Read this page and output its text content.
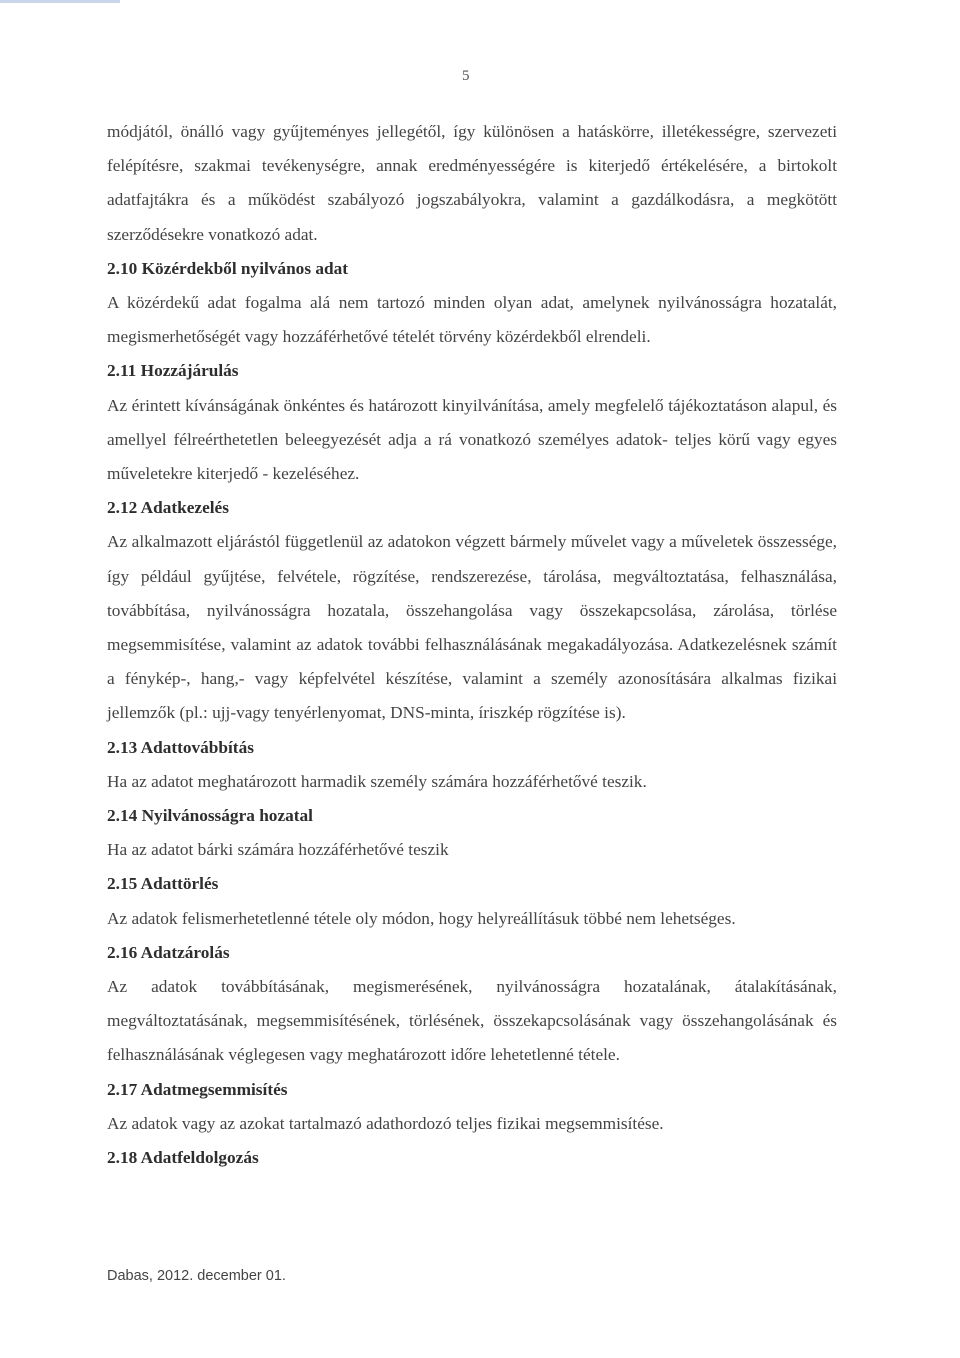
5

módjától, önálló vagy gyűjteményes jellegétől, így különösen a hatáskörre, illetékességre, szervezeti felépítésre, szakmai tevékenységre, annak eredményességére is kiterjedő értékelésére, a birtokolt adatfajtákra és a működést szabályozó jogszabályokra, valamint a gazdálkodásra, a megkötött szerződésekre vonatkozó adat.

2.10 Közérdekből nyilvános adat

A közérdekű adat fogalma alá nem tartozó minden olyan adat, amelynek nyilvánosságra hozatalát, megismerhetőségét vagy hozzáférhetővé tételét törvény közérdekből elrendeli.

2.11 Hozzájárulás

Az érintett kívánságának önkéntes és határozott kinyilvánítása, amely megfelelő tájékoztatáson alapul, és amellyel félreérthetetlen beleegyezését adja a rá vonatkozó személyes adatok- teljes körű vagy egyes műveletekre kiterjedő - kezeléséhez.

2.12 Adatkezelés

Az alkalmazott eljárástól függetlenül az adatokon végzett bármely művelet vagy a műveletek összessége, így például gyűjtése, felvétele, rögzítése, rendszerezése, tárolása, megváltoztatása, felhasználása, továbbítása, nyilvánosságra hozatala, összehangolása vagy összekapcsolása, zárolása, törlése megsemmisítése, valamint az adatok további felhasználásának megakadályozása. Adatkezelésnek számít a fénykép-, hang,- vagy képfelvétel készítése, valamint a személy azonosítására alkalmas fizikai jellemzők (pl.: ujj-vagy tenyérlenyomat, DNS-minta, íriszkép rögzítése is).

2.13 Adattovábbítás

Ha az adatot meghatározott harmadik személy számára hozzáférhetővé teszik.

2.14 Nyilvánosságra hozatal

Ha az adatot bárki számára hozzáférhetővé teszik

2.15 Adattörlés

Az adatok felismerhetetlenné tétele oly módon, hogy helyreállításuk többé nem lehetséges.

2.16 Adatzárolás

Az adatok továbbításának, megismerésének, nyilvánosságra hozatalának, átalakításának, megváltoztatásának, megsemmisítésének, törlésének, összekapcsolásának vagy összehangolásának és felhasználásának véglegesen vagy meghatározott időre lehetetlenné tétele.

2.17 Adatmegsemmisítés

Az adatok vagy az azokat tartalmazó adathordozó teljes fizikai megsemmisítése.

2.18 Adatfeldolgozás

Dabas, 2012. december 01.
